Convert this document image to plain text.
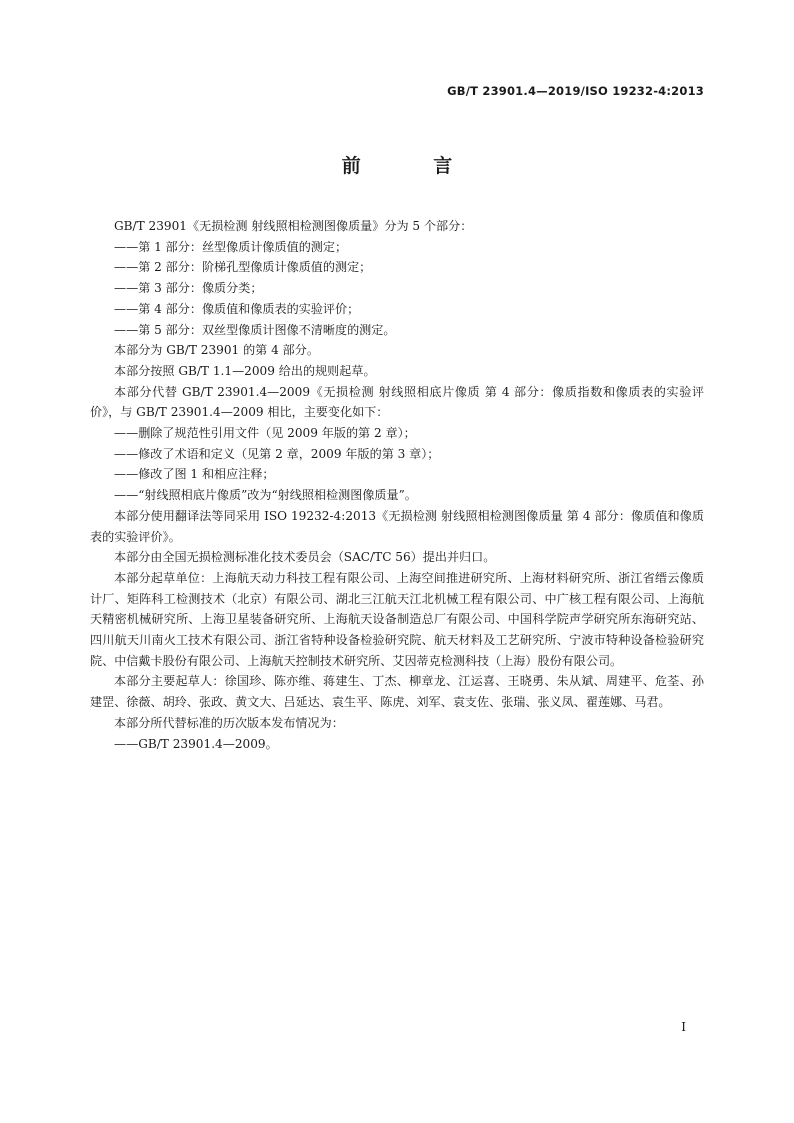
GB/T 23901.4—2019/ISO 19232-4:2013
前 言

GB/T 23901《无损检测 射线照相检测图像质量》分为 5 个部分：

——第 1 部分：丝型像质计像质值的测定；

——第 2 部分：阶梯孔型像质计像质值的测定；

——第 3 部分：像质分类；

——第 4 部分：像质值和像质表的实验评价；

——第 5 部分：双丝型像质计图像不清晰度的测定。

本部分为 GB/T 23901 的第 4 部分。

本部分按照 GB/T 1.1—2009 给出的规则起草。

本部分代替 GB/T 23901.4—2009《无损检测 射线照相底片像质 第 4 部分：像质指数和像质表的实验评价》，与 GB/T 23901.4—2009 相比，主要变化如下：

——删除了规范性引用文件（见 2009 年版的第 2 章）；

——修改了术语和定义（见第 2 章，2009 年版的第 3 章）；

——修改了图 1 和相应注释；

——“射线照相底片像质”改为“射线照相检测图像质量”。

本部分使用翻译法等同采用 ISO 19232-4:2013《无损检测 射线照相检测图像质量 第 4 部分：像质值和像质表的实验评价》。

本部分由全国无损检测标准化技术委员会（SAC/TC 56）提出并归口。

本部分起草单位：上海航天动力科技工程有限公司、上海空间推进研究所、上海材料研究所、浙江省缙云像质计厂、矩阵科工检测技术（北京）有限公司、湖北三江航天江北机械工程有限公司、中广核工程有限公司、上海航天精密机械研究所、上海卫星装备研究所、上海航天设备制造总厂有限公司、中国科学院声学研究所东海研究站、四川航天川南火工技术有限公司、浙江省特种设备检验研究院、航天材料及工艺研究所、宁波市特种设备检验研究院、中信戴卡股份有限公司、上海航天控制技术研究所、艾因蒂克检测科技（上海）股份有限公司。

本部分主要起草人：徐国珍、陈亦维、蒋建生、丁杰、柳章龙、江运喜、王晓勇、朱从斌、周建平、危荃、孙建罡、徐薇、胡玲、张政、黄文大、吕延达、袁生平、陈虎、刘军、袁支佐、张瑞、张义凤、翟莲娜、马君。

本部分所代替标准的历次版本发布情况为：

——GB/T 23901.4—2009。

I
